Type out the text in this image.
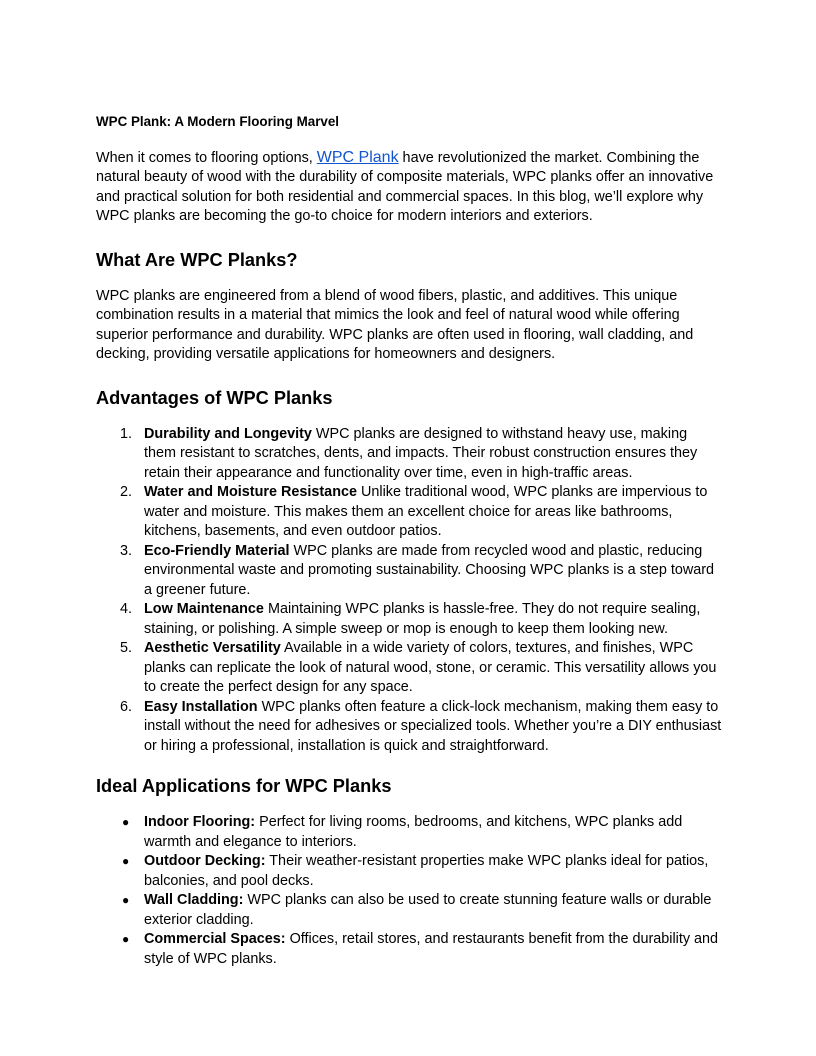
WPC Plank: A Modern Flooring Marvel

When it comes to flooring options, WPC Plank have revolutionized the market. Combining the natural beauty of wood with the durability of composite materials, WPC planks offer an innovative and practical solution for both residential and commercial spaces. In this blog, we’ll explore why WPC planks are becoming the go-to choice for modern interiors and exteriors.

What Are WPC Planks?

WPC planks are engineered from a blend of wood fibers, plastic, and additives. This unique combination results in a material that mimics the look and feel of natural wood while offering superior performance and durability. WPC planks are often used in flooring, wall cladding, and decking, providing versatile applications for homeowners and designers.

Advantages of WPC Planks
1. Durability and Longevity WPC planks are designed to withstand heavy use, making them resistant to scratches, dents, and impacts. Their robust construction ensures they retain their appearance and functionality over time, even in high-traffic areas.
2. Water and Moisture Resistance Unlike traditional wood, WPC planks are impervious to water and moisture. This makes them an excellent choice for areas like bathrooms, kitchens, basements, and even outdoor patios.
3. Eco-Friendly Material WPC planks are made from recycled wood and plastic, reducing environmental waste and promoting sustainability. Choosing WPC planks is a step toward a greener future.
4. Low Maintenance Maintaining WPC planks is hassle-free. They do not require sealing, staining, or polishing. A simple sweep or mop is enough to keep them looking new.
5. Aesthetic Versatility Available in a wide variety of colors, textures, and finishes, WPC planks can replicate the look of natural wood, stone, or ceramic. This versatility allows you to create the perfect design for any space.
6. Easy Installation WPC planks often feature a click-lock mechanism, making them easy to install without the need for adhesives or specialized tools. Whether you’re a DIY enthusiast or hiring a professional, installation is quick and straightforward.
Ideal Applications for WPC Planks
●	Indoor Flooring: Perfect for living rooms, bedrooms, and kitchens, WPC planks add warmth and elegance to interiors.
●	Outdoor Decking: Their weather-resistant properties make WPC planks ideal for patios, balconies, and pool decks.
●	Wall Cladding: WPC planks can also be used to create stunning feature walls or durable exterior cladding.
●	Commercial Spaces: Offices, retail stores, and restaurants benefit from the durability and style of WPC planks.
